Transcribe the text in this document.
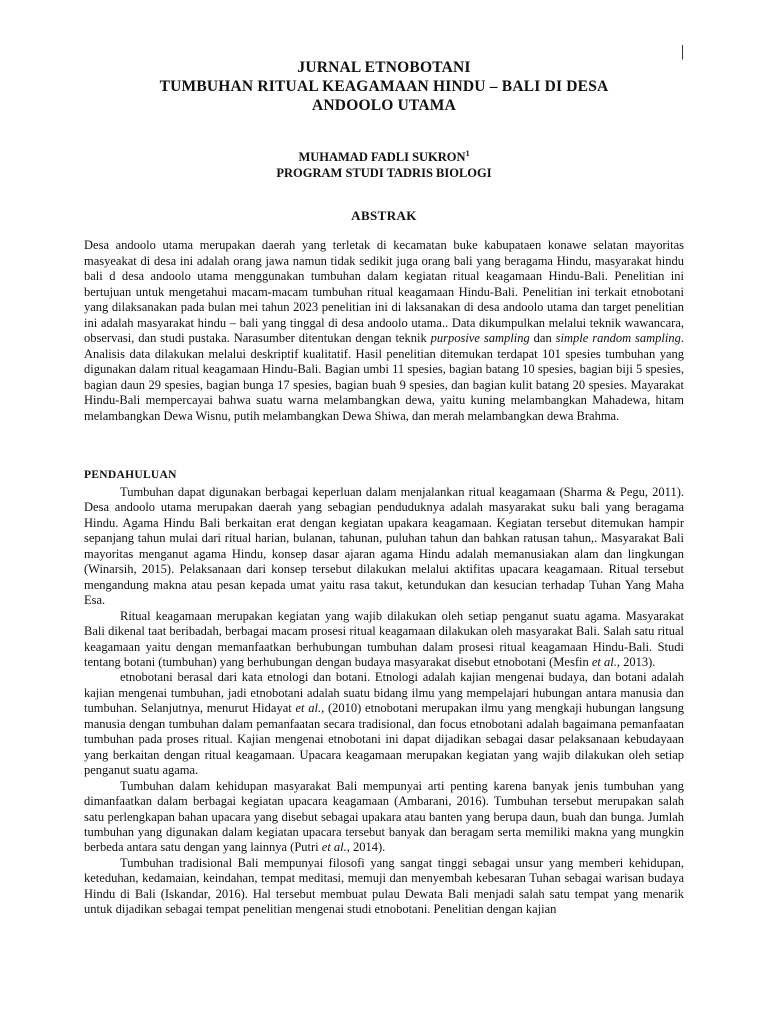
|
JURNAL ETNOBOTANI
TUMBUHAN RITUAL KEAGAMAAN HINDU – BALI DI DESA
ANDOOLO UTAMA
MUHAMAD FADLI SUKRON$^1$
PROGRAM STUDI TADRIS BIOLOGI
ABSTRAK

Desa andoolo utama merupakan daerah yang terletak di kecamatan buke kabupataen konawe selatan mayoritas masyeakat di desa ini adalah orang jawa namun tidak sedikit juga orang bali yang beragama Hindu, masyarakat hindu bali d desa andoolo utama menggunakan tumbuhan dalam kegiatan ritual keagamaan Hindu-Bali. Penelitian ini bertujuan untuk mengetahui macam-macam tumbuhan ritual keagamaan Hindu-Bali. Penelitian ini terkait etnobotani yang dilaksanakan pada bulan mei tahun 2023 penelitian ini di laksanakan di desa andoolo utama dan target penelitian ini adalah masyarakat hindu – bali yang tinggal di desa andoolo utama.. Data dikumpulkan melalui teknik wawancara, observasi, dan studi pustaka. Narasumber ditentukan dengan teknik purposive sampling dan simple random sampling. Analisis data dilakukan melalui deskriptif kualitatif. Hasil penelitian ditemukan terdapat 101 spesies tumbuhan yang digunakan dalam ritual keagamaan Hindu-Bali. Bagian umbi 11 spesies, bagian batang 10 spesies, bagian biji 5 spesies, bagian daun 29 spesies, bagian bunga 17 spesies, bagian buah 9 spesies, dan bagian kulit batang 20 spesies. Mayarakat Hindu-Bali mempercayai bahwa suatu warna melambangkan dewa, yaitu kuning melambangkan Mahadewa, hitam melambangkan Dewa Wisnu, putih melambangkan Dewa Shiwa, dan merah melambangkan dewa Brahma.

PENDAHULUAN

Tumbuhan dapat digunakan berbagai keperluan dalam menjalankan ritual keagamaan (Sharma & Pegu, 2011). Desa andoolo utama merupakan daerah yang sebagian penduduknya adalah masyarakat suku bali yang beragama Hindu. Agama Hindu Bali berkaitan erat dengan kegiatan upakara keagamaan. Kegiatan tersebut ditemukan hampir sepanjang tahun mulai dari ritual harian, bulanan, tahunan, puluhan tahun dan bahkan ratusan tahun,. Masyarakat Bali mayoritas menganut agama Hindu, konsep dasar ajaran agama Hindu adalah memanusiakan alam dan lingkungan (Winarsih, 2015). Pelaksanaan dari konsep tersebut dilakukan melalui aktifitas upacara keagamaan. Ritual tersebut mengandung makna atau pesan kepada umat yaitu rasa takut, ketundukan dan kesucian terhadap Tuhan Yang Maha Esa.

Ritual keagamaan merupakan kegiatan yang wajib dilakukan oleh setiap penganut suatu agama. Masyarakat Bali dikenal taat beribadah, berbagai macam prosesi ritual keagamaan dilakukan oleh masyarakat Bali. Salah satu ritual keagamaan yaitu dengan memanfaatkan berhubungan tumbuhan dalam prosesi ritual keagamaan Hindu-Bali. Studi tentang botani (tumbuhan) yang berhubungan dengan budaya masyarakat disebut etnobotani (Mesfin et al., 2013).

etnobotani berasal dari kata etnologi dan botani. Etnologi adalah kajian mengenai budaya, dan botani adalah kajian mengenai tumbuhan, jadi etnobotani adalah suatu bidang ilmu yang mempelajari hubungan antara manusia dan tumbuhan. Selanjutnya, menurut Hidayat et al., (2010) etnobotani merupakan ilmu yang mengkaji hubungan langsung manusia dengan tumbuhan dalam pemanfaatan secara tradisional, dan focus etnobotani adalah bagaimana pemanfaatan tumbuhan pada proses ritual. Kajian mengenai etnobotani ini dapat dijadikan sebagai dasar pelaksanaan kebudayaan yang berkaitan dengan ritual keagamaan. Upacara keagamaan merupakan kegiatan yang wajib dilakukan oleh setiap penganut suatu agama.

Tumbuhan dalam kehidupan masyarakat Bali mempunyai arti penting karena banyak jenis tumbuhan yang dimanfaatkan dalam berbagai kegiatan upacara keagamaan (Ambarani, 2016). Tumbuhan tersebut merupakan salah satu perlengkapan bahan upacara yang disebut sebagai upakara atau banten yang berupa daun, buah dan bunga. Jumlah tumbuhan yang digunakan dalam kegiatan upacara tersebut banyak dan beragam serta memiliki makna yang mungkin berbeda antara satu dengan yang lainnya (Putri et al., 2014).

Tumbuhan tradisional Bali mempunyai filosofi yang sangat tinggi sebagai unsur yang memberi kehidupan, keteduhan, kedamaian, keindahan, tempat meditasi, memuji dan menyembah kebesaran Tuhan sebagai warisan budaya Hindu di Bali (Iskandar, 2016). Hal tersebut membuat pulau Dewata Bali menjadi salah satu tempat yang menarik untuk dijadikan sebagai tempat penelitian mengenai studi etnobotani. Penelitian dengan kajian
